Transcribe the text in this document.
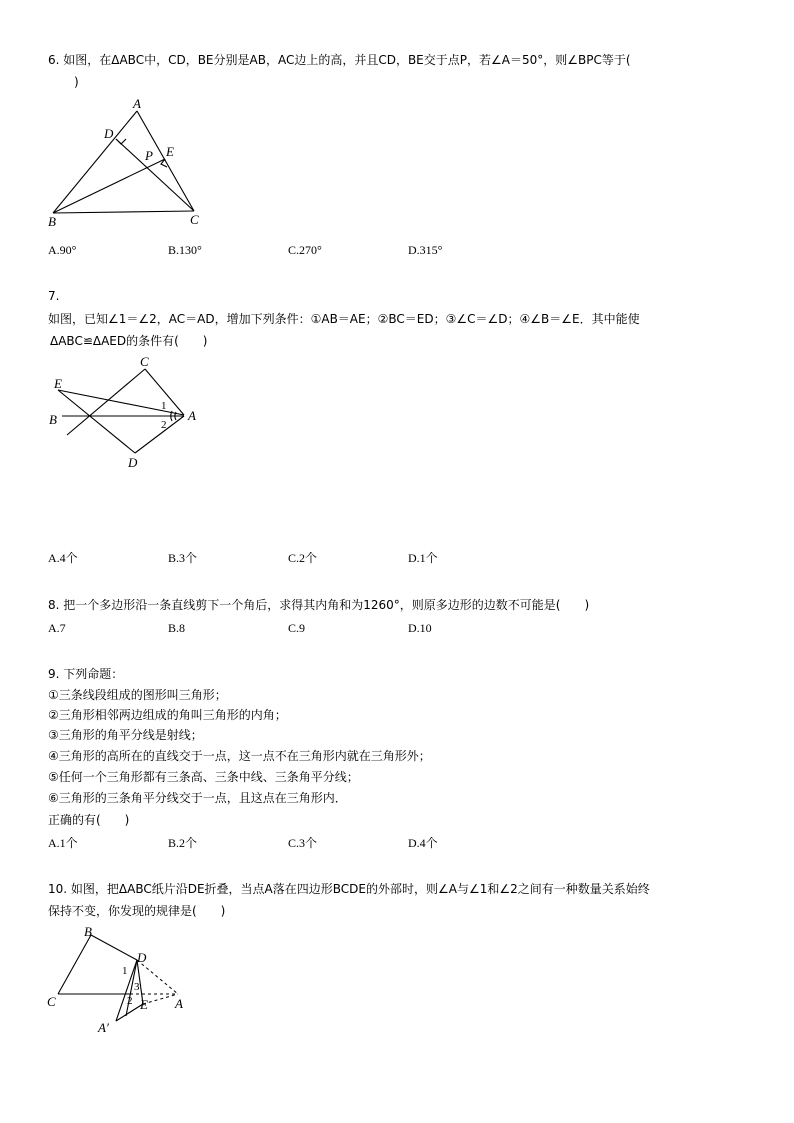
6. 如图，在ΔABC中，CD，BE分别是AB，AC边上的高，并且CD，BE交于点P，若∠A＝50°，则∠BPC等于(
)
A
D
P E
B	C
A.90°	B.130°	C.270°	D.315°
7.
如图，已知∠1＝∠2，AC＝AD，增加下列条件：①AB＝AE；②BC＝ED；③∠C＝∠D；④∠B＝∠E．其中能使
ΔABC≌ΔAED的条件有(　　)
C
E
B	A
D
1
2
A.4个	B.3个	C.2个	D.1个
8. 把一个多边形沿一条直线剪下一个角后，求得其内角和为1260°，则原多边形的边数不可能是(　　)
A.7	B.8	C.9	D.10
9. 下列命题：
①三条线段组成的图形叫三角形；
②三角形相邻两边组成的角叫三角形的内角；
③三角形的角平分线是射线；
④三角形的高所在的直线交于一点，这一点不在三角形内就在三角形外；
⑤任何一个三角形都有三条高、三条中线、三条角平分线；
⑥三角形的三条角平分线交于一点，且这点在三角形内．
正确的有(　　)
A.1个	B.2个	C.3个	D.4个
10. 如图，把ΔABC纸片沿DE折叠，当点A落在四边形BCDE的外部时，则∠A与∠1和∠2之间有一种数量关系始终
保持不变，你发现的规律是(　　)
B
D
C	E A
A′
1
2
3
